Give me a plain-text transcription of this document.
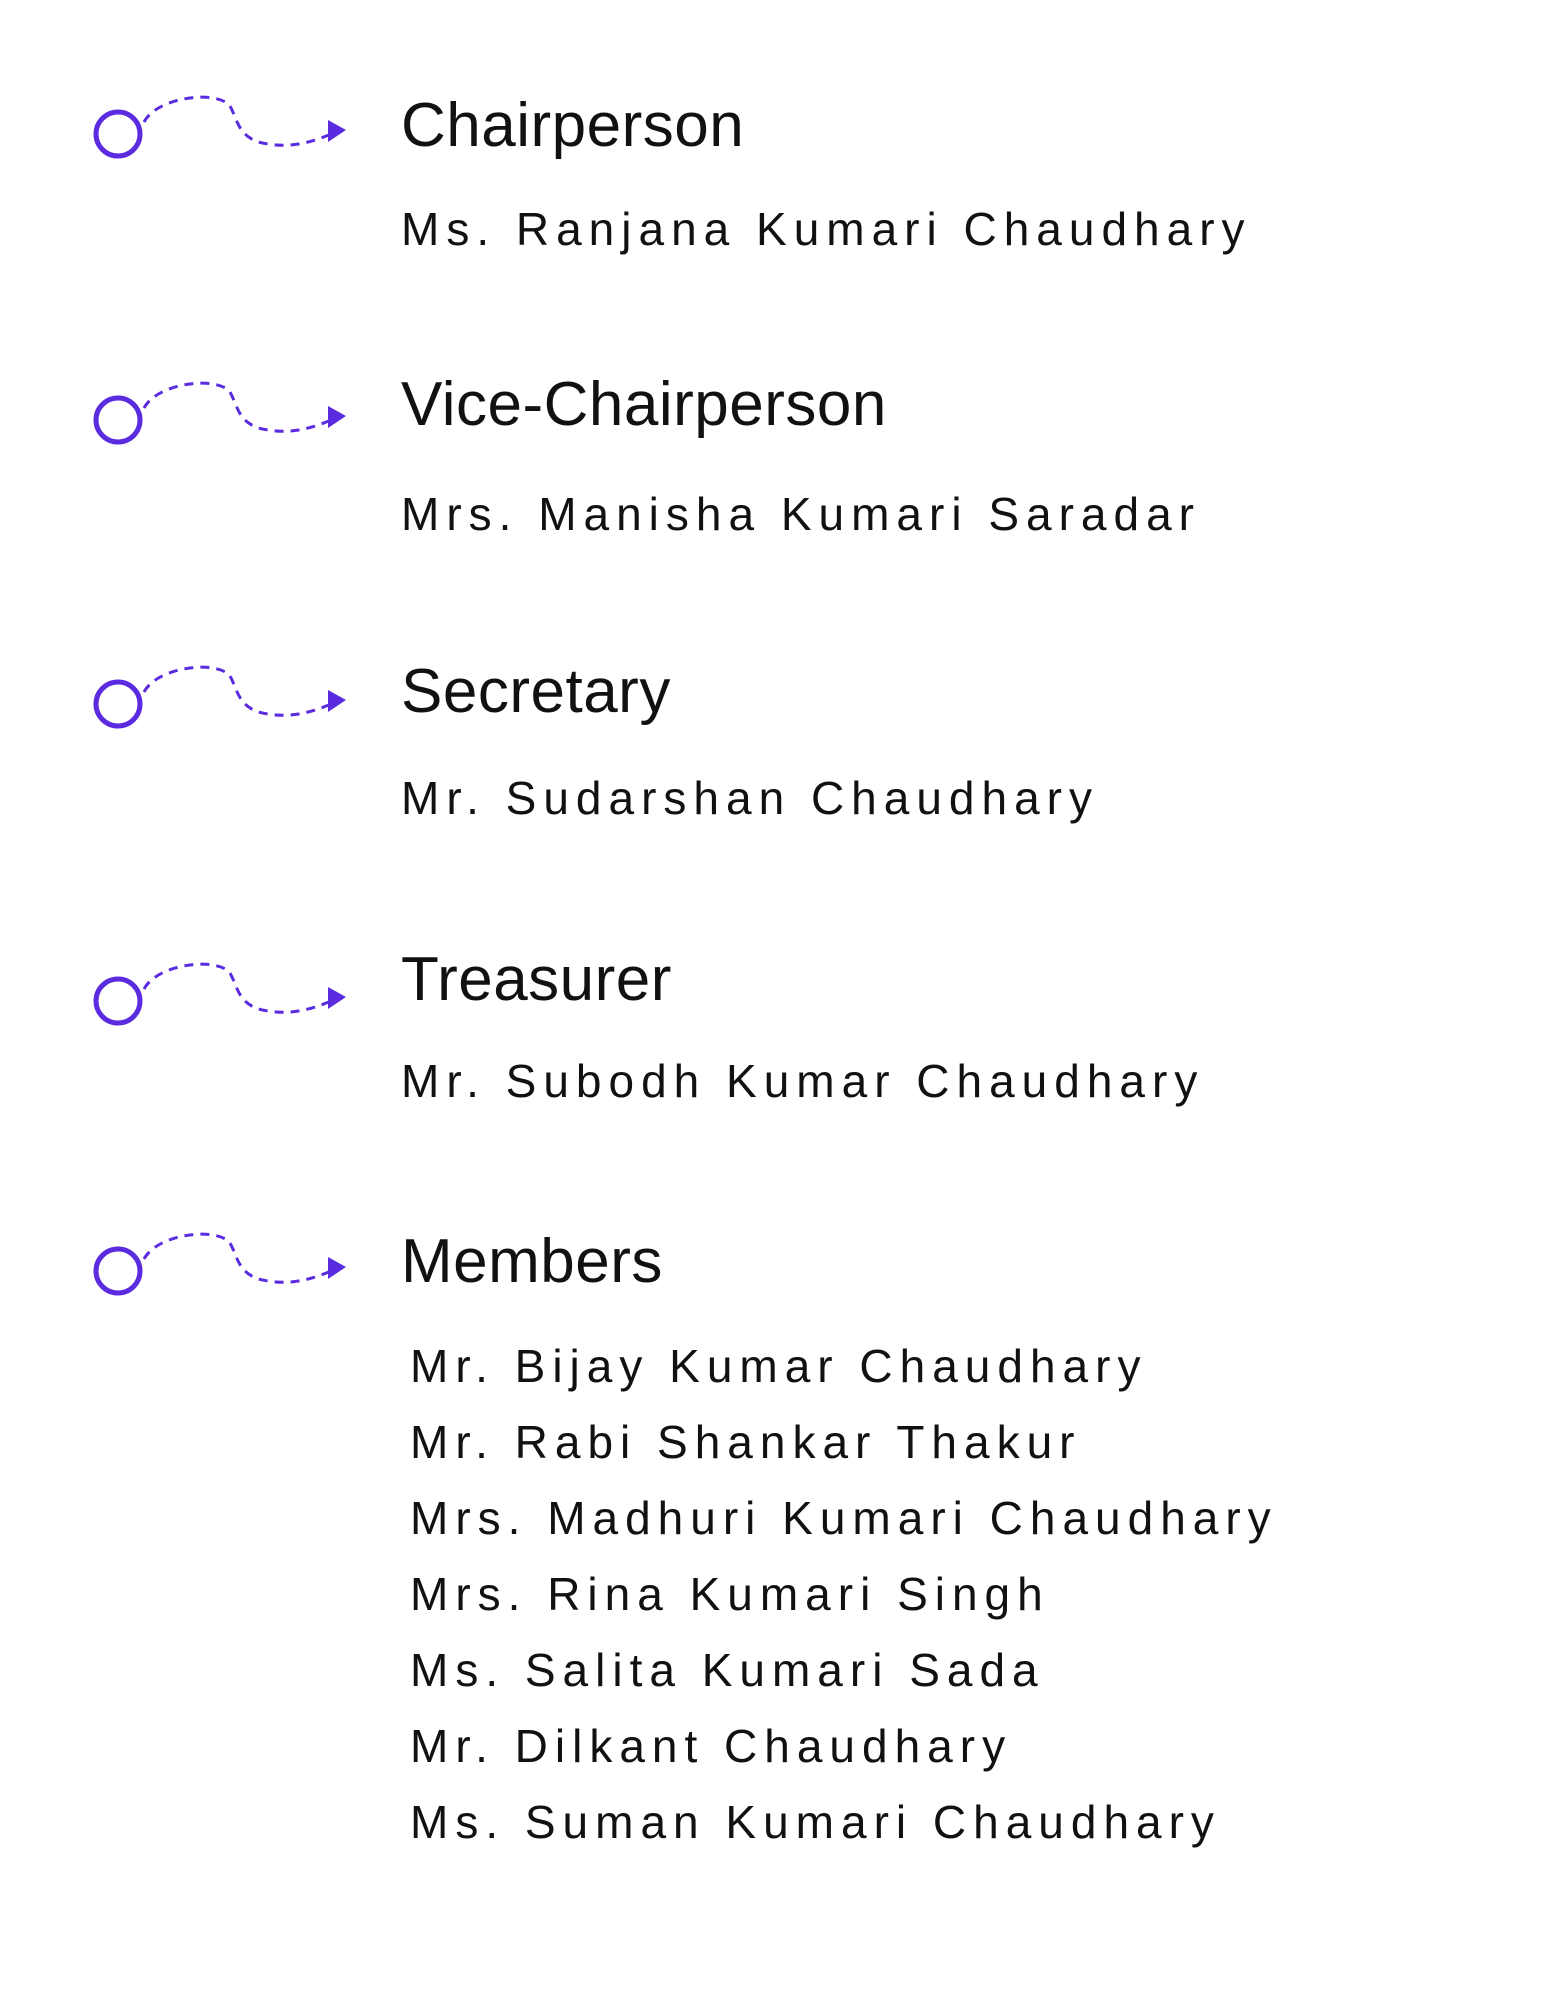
Chairperson
Ms. Ranjana Kumari Chaudhary
Vice-Chairperson
Mrs. Manisha Kumari Saradar
Secretary
Mr. Sudarshan Chaudhary
Treasurer
Mr. Subodh Kumar Chaudhary
Members
Mr. Bijay Kumar Chaudhary
Mr. Rabi Shankar Thakur
Mrs. Madhuri Kumari Chaudhary
Mrs. Rina Kumari Singh
Ms. Salita Kumari Sada
Mr. Dilkant Chaudhary
Ms. Suman Kumari Chaudhary
